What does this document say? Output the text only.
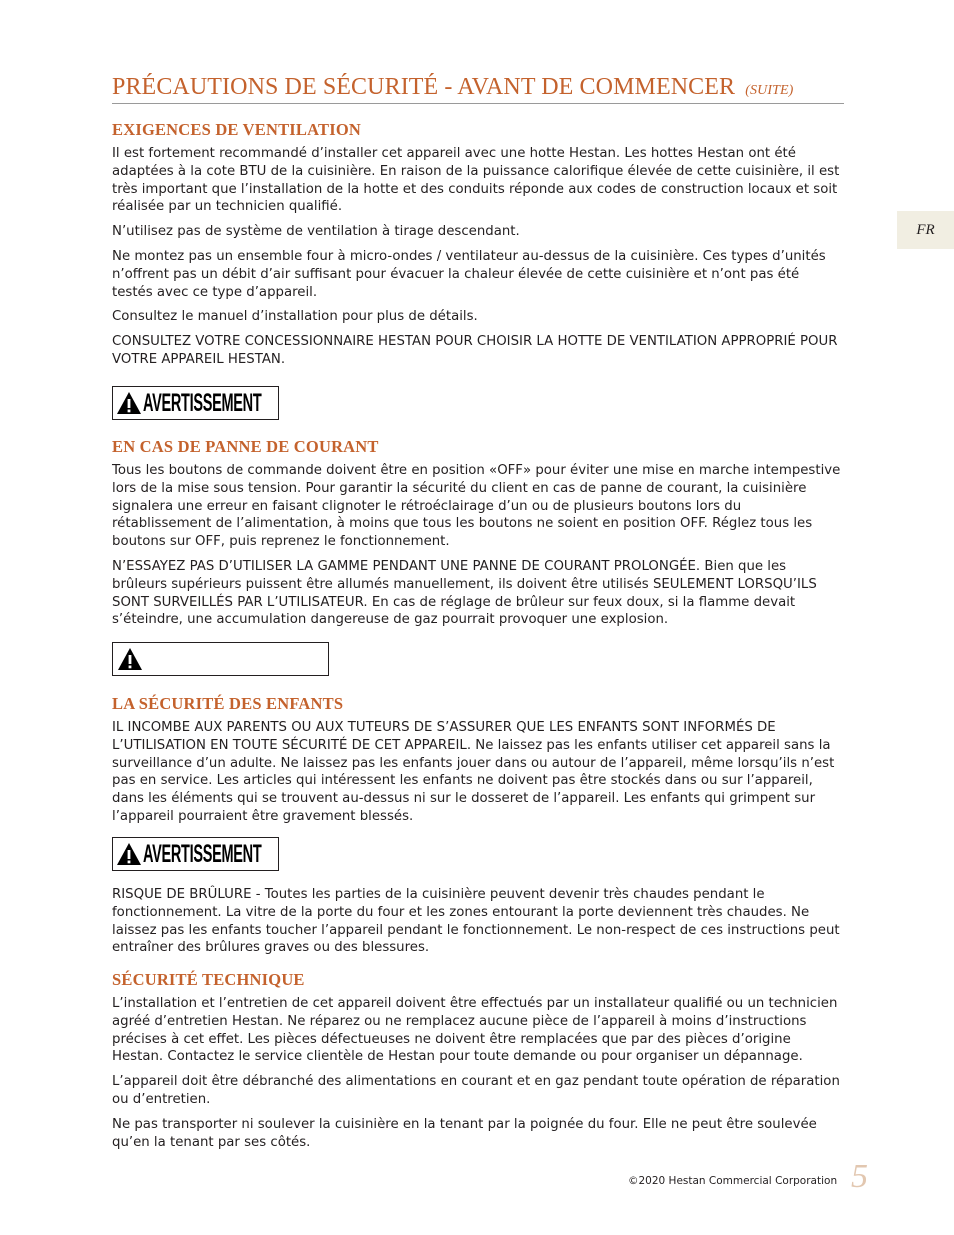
PRÉCAUTIONS DE SÉCURITÉ - AVANT DE COMMENCER (SUITE)
FR
EXIGENCES DE VENTILATION

Il est fortement recommandé d’installer cet appareil avec une hotte Hestan. Les hottes Hestan ont été adaptées à la cote BTU de la cuisinière. En raison de la puissance calorifique élevée de cette cuisinière, il est très important que l’installation de la hotte et des conduits réponde aux codes de construction locaux et soit réalisée par un technicien qualifié.

N’utilisez pas de système de ventilation à tirage descendant.

Ne montez pas un ensemble four à micro-ondes / ventilateur au-dessus de la cuisinière. Ces types d’unités n’offrent pas un débit d’air suffisant pour évacuer la chaleur élevée de cette cuisinière et n’ont pas été testés avec ce type d’appareil.

Consultez le manuel d’installation pour plus de détails.

CONSULTEZ VOTRE CONCESSIONNAIRE HESTAN POUR CHOISIR LA HOTTE DE VENTILATION APPROPRIÉ POUR VOTRE APPAREIL HESTAN.

AVERTISSEMENT
EN CAS DE PANNE DE COURANT

Tous les boutons de commande doivent être en position «OFF» pour éviter une mise en marche intempestive lors de la mise sous tension. Pour garantir la sécurité du client en cas de panne de courant, la cuisinière signalera une erreur en faisant clignoter le rétroéclairage d’un ou de plusieurs boutons lors du rétablissement de l’alimentation, à moins que tous les boutons ne soient en position OFF. Réglez tous les boutons sur OFF, puis reprenez le fonctionnement.

N’ESSAYEZ PAS D’UTILISER LA GAMME PENDANT UNE PANNE DE COURANT PROLONGÉE. Bien que les brûleurs supérieurs puissent être allumés manuellement, ils doivent être utilisés SEULEMENT LORSQU’ILS SONT SURVEILLÉS PAR L’UTILISATEUR. En cas de réglage de brûleur sur feux doux, si la flamme devait s’éteindre, une accumulation dangereuse de gaz pourrait provoquer une explosion.

LA SÉCURITÉ DES ENFANTS

IL INCOMBE AUX PARENTS OU AUX TUTEURS DE S’ASSURER QUE LES ENFANTS SONT INFORMÉS DE L’UTILISATION EN TOUTE SÉCURITÉ DE CET APPAREIL. Ne laissez pas les enfants utiliser cet appareil sans la surveillance d’un adulte. Ne laissez pas les enfants jouer dans ou autour de l’appareil, même lorsqu’ils n’est pas en service. Les articles qui intéressent les enfants ne doivent pas être stockés dans ou sur l’appareil, dans les éléments qui se trouvent au-dessus ni sur le dosseret de l’appareil. Les enfants qui grimpent sur l’appareil pourraient être gravement blessés.

AVERTISSEMENT

RISQUE DE BRÛLURE - Toutes les parties de la cuisinière peuvent devenir très chaudes pendant le fonctionnement. La vitre de la porte du four et les zones entourant la porte deviennent très chaudes. Ne laissez pas les enfants toucher l’appareil pendant le fonctionnement. Le non-respect de ces instructions peut entraîner des brûlures graves ou des blessures.

SÉCURITÉ TECHNIQUE

L’installation et l’entretien de cet appareil doivent être effectués par un installateur qualifié ou un technicien agréé d’entretien Hestan. Ne réparez ou ne remplacez aucune pièce de l’appareil à moins d’instructions précises à cet effet. Les pièces défectueuses ne doivent être remplacées que par des pièces d’origine Hestan. Contactez le service clientèle de Hestan pour toute demande ou pour organiser un dépannage.

L’appareil doit être débranché des alimentations en courant et en gaz pendant toute opération de réparation ou d’entretien.

Ne pas transporter ni soulever la cuisinière en la tenant par la poignée du four. Elle ne peut être soulevée qu’en la tenant par ses côtés.

©2020 Hestan Commercial Corporation 5
